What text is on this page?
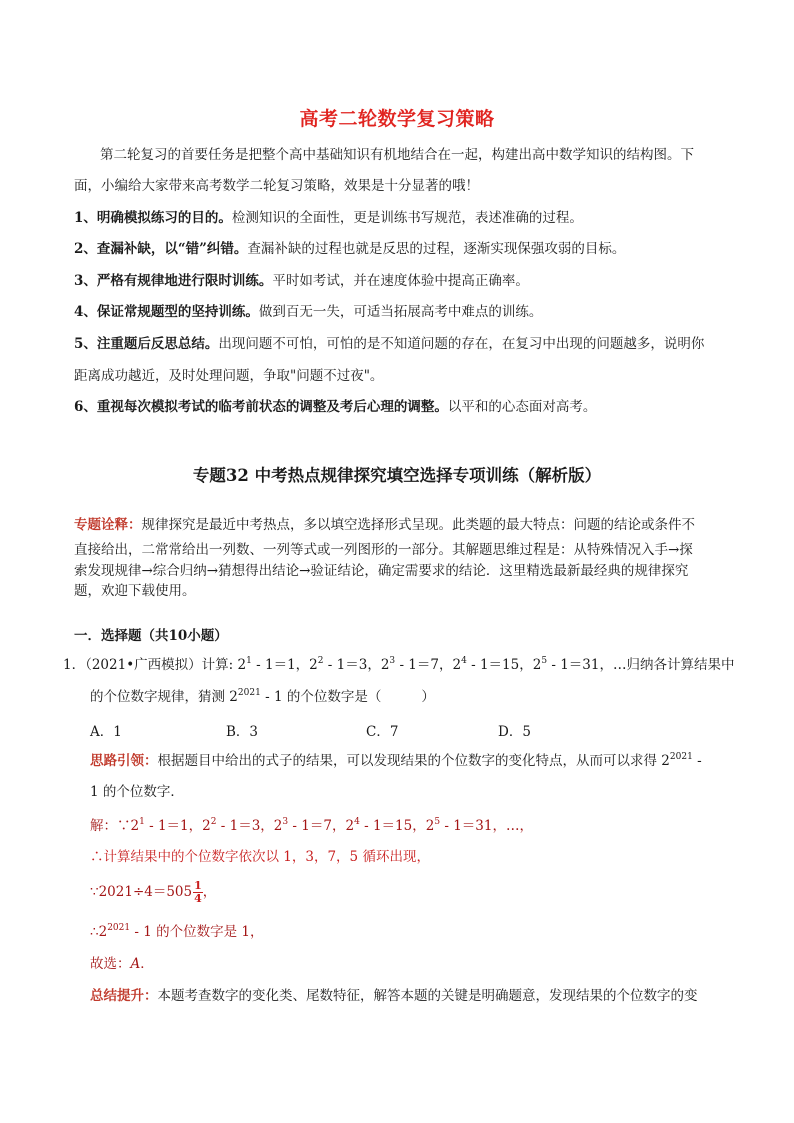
高考二轮数学复习策略
第二轮复习的首要任务是把整个高中基础知识有机地结合在一起，构建出高中数学知识的结构图。下
面，小编给大家带来高考数学二轮复习策略，效果是十分显著的哦！
1、明确模拟练习的目的。检测知识的全面性，更是训练书写规范，表述准确的过程。
2、查漏补缺，以“错”纠错。查漏补缺的过程也就是反思的过程，逐渐实现保强攻弱的目标。
3、严格有规律地进行限时训练。平时如考试，并在速度体验中提高正确率。
4、保证常规题型的坚持训练。做到百无一失，可适当拓展高考中难点的训练。
5、注重题后反思总结。出现问题不可怕，可怕的是不知道问题的存在，在复习中出现的问题越多，说明你
距离成功越近，及时处理问题，争取"问题不过夜"。
6、重视每次模拟考试的临考前状态的调整及考后心理的调整。以平和的心态面对高考。
专题32 中考热点规律探究填空选择专项训练（解析版）
专题诠释：规律探究是最近中考热点，多以填空选择形式呈现。此类题的最大特点：问题的结论或条件不
直接给出，二常常给出一列数、一列等式或一列图形的一部分。其解题思维过程是：从特殊情况入手→探
索发现规律→综合归纳→猜想得出结论→验证结论，确定需要求的结论．这里精选最新最经典的规律探究
题，欢迎下载使用。
一．选择题（共10小题）
1．（2021•广西模拟）计算: $2^1 - 1=1$，$2^2 - 1=3$，$2^3 - 1=7$，$2^4 - 1=15$，$2^5 - 1=31$，…归纳各计算结果中
的个位数字规律，猜测 $2^{2021} - 1$ 的个位数字是（	）
A．1	B．3	C．7	D．5
思路引领：根据题目中给出的式子的结果，可以发现结果的个位数字的变化特点，从而可以求得 $2^{2021}$ -
1 的个位数字．
解：$\because 2^1 - 1=1$，$2^2 - 1=3$，$2^3 - 1=7$，$2^4 - 1=15$，$2^5 - 1=31$，…，
∴计算结果中的个位数字依次以 1，3，7，5 循环出现，
∵2021÷4＝505 $\frac{1}{4}$ ，
$\therefore 2^{2021} - 1$ 的个位数字是 1，
故选：A．
总结提升：本题考查数字的变化类、尾数特征，解答本题的关键是明确题意，发现结果的个位数字的变
